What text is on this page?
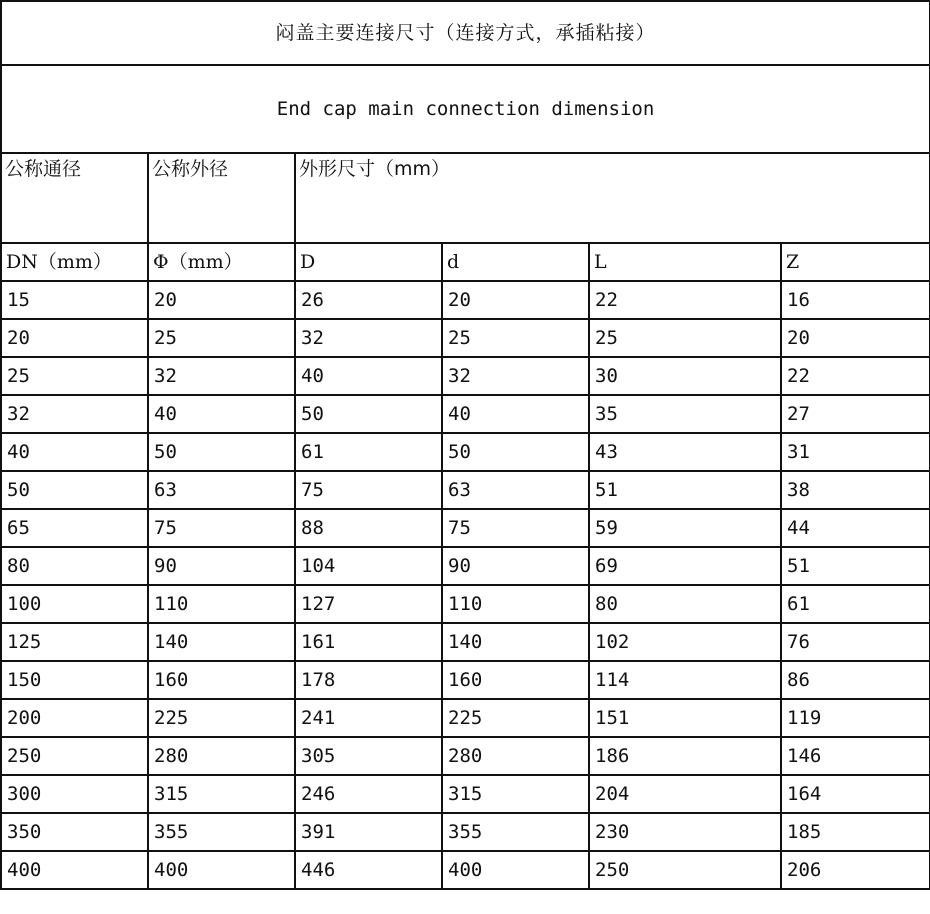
闷盖主要连接尺寸（连接方式，承插粘接）					
End cap main connection dimension					

公称通径	公称外径	外形尺寸（mm）			

DN（mm）	Φ（mm）	D	d	L	Z
15	20	26	20	22	16
20	25	32	25	25	20
25	32	40	32	30	22
32	40	50	40	35	27
40	50	61	50	43	31
50	63	75	63	51	38
65	75	88	75	59	44
80	90	104	90	69	51
100	110	127	110	80	61
125	140	161	140	102	76
150	160	178	160	114	86
200	225	241	225	151	119
250	280	305	280	186	146
300	315	246	315	204	164
350	355	391	355	230	185
400	400	446	400	250	206
